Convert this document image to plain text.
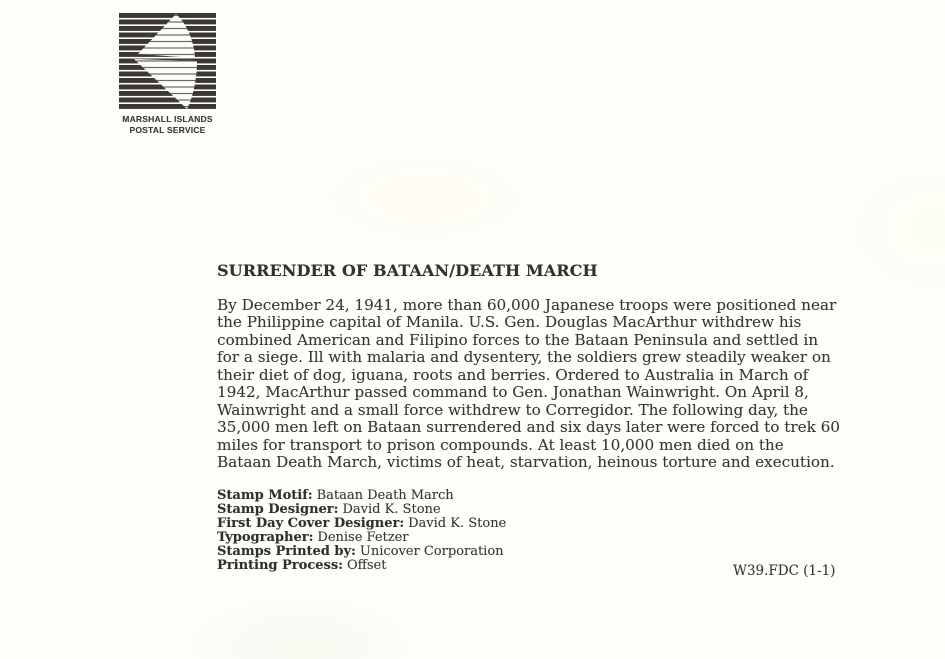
MARSHALL ISLANDS
POSTAL SERVICE
SURRENDER OF BATAAN/DEATH MARCH
By December 24, 1941, more than 60,000 Japanese troops were positioned near
the Philippine capital of Manila. U.S. Gen. Douglas MacArthur withdrew his
combined American and Filipino forces to the Bataan Peninsula and settled in
for a siege. Ill with malaria and dysentery, the soldiers grew steadily weaker on
their diet of dog, iguana, roots and berries. Ordered to Australia in March of
1942, MacArthur passed command to Gen. Jonathan Wainwright. On April 8,
Wainwright and a small force withdrew to Corregidor. The following day, the
35,000 men left on Bataan surrendered and six days later were forced to trek 60
miles for transport to prison compounds. At least 10,000 men died on the
Bataan Death March, victims of heat, starvation, heinous torture and execution.
Stamp Motif: Bataan Death March
Stamp Designer: David K. Stone
First Day Cover Designer: David K. Stone
Typographer: Denise Fetzer
Stamps Printed by: Unicover Corporation
Printing Process: Offset	W39.FDC (1-1)
